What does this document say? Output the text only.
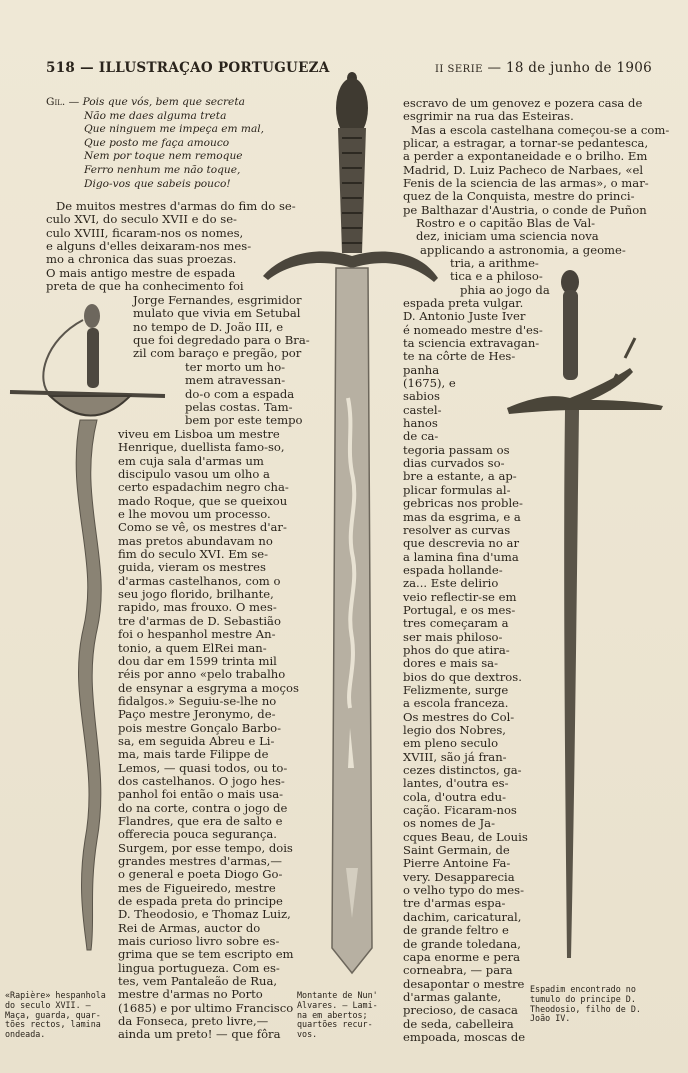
518 — ILLUSTRAÇAO PORTUGUEZA	II SERIE — 18 de junho de 1906
Gil. — Pois que vós, bem que secreta
Não me daes alguma treta
Que ninguem me impeça em mal,
Que posto me faça amouco
Nem por toque nem remoque
Ferro nenhum me não toque,
Digo-vos que sabeis pouco!
De muitos mestres d'armas do fim do se-
culo XVI, do seculo XVII e do se-
culo XVIII, ficaram-nos os nomes,
e alguns d'elles deixaram-nos mes-
mo a chronica das suas proezas.
O mais antigo mestre de espada
preta de que ha conhecimento foi
Jorge Fernandes, esgrimidor
mulato que vivia em Setubal
no tempo de D. João III, e
que foi degredado para o Bra-
zil com baraço e pregão, por
ter morto um ho-
mem atravessan-
do-o com a espada
pelas costas. Tam-
bem por este tempo
viveu em Lisboa um mestre
Henrique, duellista famo-so,
em cuja sala d'armas um
discipulo vasou um olho a
certo espadachim negro cha-
mado Roque, que se queixou
e lhe movou um processo.
Como se vê, os mestres d'ar-
mas pretos abundavam no
fim do seculo XVI. Em se-
guida, vieram os mestres
d'armas castelhanos, com o
seu jogo florido, brilhante,
rapido, mas frouxo. O mes-
tre d'armas de D. Sebastião
foi o hespanhol mestre An-
tonio, a quem ElRei man-
dou dar em 1599 trinta mil
réis por anno «pelo trabalho
de ensynar a esgryma a moços
fidalgos.» Seguiu-se-lhe no
Paço mestre Jeronymo, de-
pois mestre Gonçalo Barbo-
sa, em seguida Abreu e Li-
ma, mais tarde Filippe de
Lemos, — quasi todos, ou to-
dos castelhanos. O jogo hes-
panhol foi então o mais usa-
do na corte, contra o jogo de
Flandres, que era de salto e
offerecia pouca segurança.
Surgem, por esse tempo, dois
grandes mestres d'armas,—
o general e poeta Diogo Go-
mes de Figueiredo, mestre
de espada preta do principe
D. Theodosio, e Thomaz Luiz,
Rei de Armas, auctor do
mais curioso livro sobre es-
grima que se tem escripto em
lingua portugueza. Com es-
tes, vem Pantaleão de Rua,
mestre d'armas no Porto
(1685) e por ultimo Francisco
da Fonseca, preto livre,—
ainda um preto! — que fôra
escravo de um genovez e pozera casa de
esgrimir na rua das Esteiras.
Mas a escola castelhana começou-se a com-
plicar, a estragar, a tornar-se pedantesca,
a perder a expontaneidade e o brilho. Em
Madrid, D. Luiz Pacheco de Narbaes, «el
Fenis de la sciencia de las armas», o mar-
quez de la Conquista, mestre do princi-
pe Balthazar d'Austria, o conde de Puñon
Rostro e o capitão Blas de Val-
dez, iniciam uma sciencia nova
applicando a astronomia, a geome-
tria, a arithme-
tica e a philoso-
phia ao jogo da
espada preta vulgar.
D. Antonio Juste Iver
é nomeado mestre d'es-
ta sciencia extravagan-
te na côrte de Hes-
panha
(1675), e
sabios
castel-
hanos
de ca-
tegoria passam os
dias curvados so-
bre a estante, a ap-
plicar formulas al-
gebricas nos proble-
mas da esgrima, e a
resolver as curvas
que descrevia no ar
a lamina fina d'uma
espada hollande-
za... Este delirio
veio reflectir-se em
Portugal, e os mes-
tres começaram a
ser mais philoso-
phos do que atira-
dores e mais sa-
bios do que dextros.
Felizmente, surge
a escola franceza.
Os mestres do Col-
legio dos Nobres,
em pleno seculo
XVIII, são já fran-
cezes distinctos, ga-
lantes, d'outra es-
cola, d'outra edu-
cação. Ficaram-nos
os nomes de Ja-
cques Beau, de Louis
Saint Germain, de
Pierre Antoine Fa-
very. Desapparecia
o velho typo do mes-
tre d'armas espa-
dachim, caricatural,
de grande feltro e
de grande toledana,
capa enorme e pera
corneabra, — para
desapontar o mestre
d'armas galante,
precioso, de casaca
de seda, cabelleira
empoada, moscas de
«Rapière» hespanhola
do seculo XVII. —
Maça, guarda, quar-
tões rectos, lamina
ondeada.
Montante de Nun'
Alvares. — Lami-
na em abertos;
quartões recur-
vos.
Espadim encontrado no
tumulo do principe D.
Theodosio, filho de D.
João IV.
